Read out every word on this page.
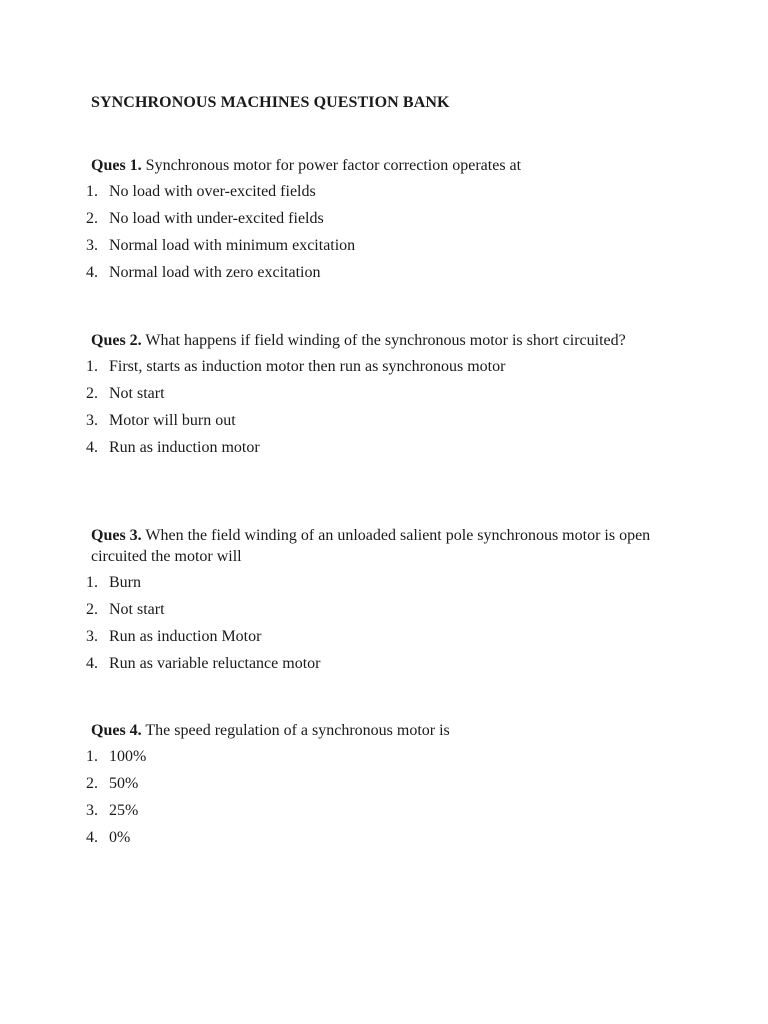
SYNCHRONOUS MACHINES QUESTION BANK

Ques 1. Synchronous motor for power factor correction operates at

1. No load with over-excited fields
2. No load with under-excited fields
3. Normal load with minimum excitation
4. Normal load with zero excitation

Ques 2. What happens if field winding of the synchronous motor is short circuited?

1. First, starts as induction motor then run as synchronous motor
2. Not start
3. Motor will burn out
4. Run as induction motor

Ques 3. When the field winding of an unloaded salient pole synchronous motor is open circuited the motor will

1. Burn
2. Not start
3. Run as induction Motor
4. Run as variable reluctance motor

Ques 4. The speed regulation of a synchronous motor is

1. 100%
2. 50%
3. 25%
4. 0%
